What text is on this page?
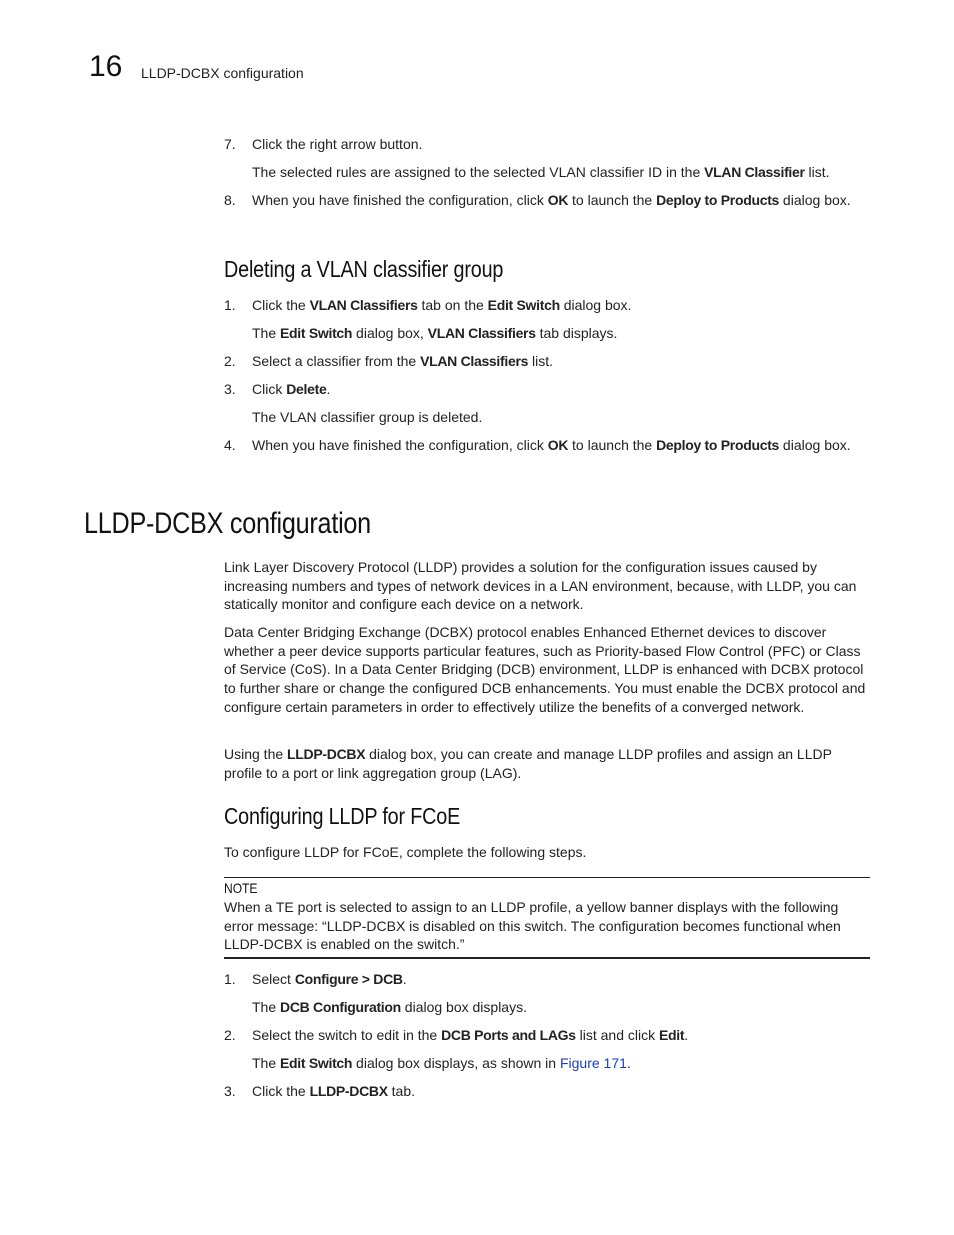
16 LLDP-DCBX configuration
7.	Click the right arrow button.
The selected rules are assigned to the selected VLAN classifier ID in the VLAN Classifier list.
8.	When you have finished the configuration, click OK to launch the Deploy to Products dialog box.
Deleting a VLAN classifier group
1.	Click the VLAN Classifiers tab on the Edit Switch dialog box.
The Edit Switch dialog box, VLAN Classifiers tab displays.
2.	Select a classifier from the VLAN Classifiers list.
3.	Click Delete.
The VLAN classifier group is deleted.
4.	When you have finished the configuration, click OK to launch the Deploy to Products dialog box.
LLDP-DCBX configuration

Link Layer Discovery Protocol (LLDP) provides a solution for the configuration issues caused by increasing numbers and types of network devices in a LAN environment, because, with LLDP, you can statically monitor and configure each device on a network.

Data Center Bridging Exchange (DCBX) protocol enables Enhanced Ethernet devices to discover whether a peer device supports particular features, such as Priority-based Flow Control (PFC) or Class of Service (CoS). In a Data Center Bridging (DCB) environment, LLDP is enhanced with DCBX protocol to further share or change the configured DCB enhancements. You must enable the DCBX protocol and configure certain parameters in order to effectively utilize the benefits of a converged network.

Using the LLDP-DCBX dialog box, you can create and manage LLDP profiles and assign an LLDP profile to a port or link aggregation group (LAG).

Configuring LLDP for FCoE

To configure LLDP for FCoE, complete the following steps.

NOTE

When a TE port is selected to assign to an LLDP profile, a yellow banner displays with the following error message: “LLDP-DCBX is disabled on this switch. The configuration becomes functional when LLDP-DCBX is enabled on the switch.”

1.	Select Configure > DCB.
The DCB Configuration dialog box displays.
2.	Select the switch to edit in the DCB Ports and LAGs list and click Edit.
The Edit Switch dialog box displays, as shown in Figure 171.
3.	Click the LLDP-DCBX tab.
